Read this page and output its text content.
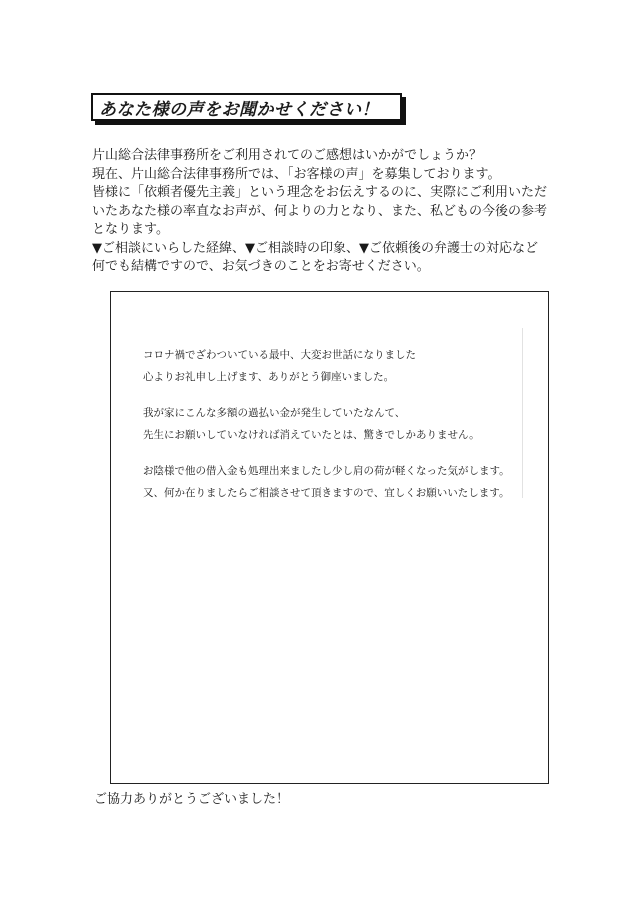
あなた様の声をお聞かせください！

片山総合法律事務所をご利用されてのご感想はいかがでしょうか？

現在、片山総合法律事務所では、「お客様の声」を募集しております。

皆様に「依頼者優先主義」という理念をお伝えするのに、実際にご利用いただ

いたあなた様の率直なお声が、何よりの力となり、また、私どもの今後の参考

となります。

▼ご相談にいらした経緯、▼ご相談時の印象、▼ご依頼後の弁護士の対応など

何でも結構ですので、お気づきのことをお寄せください。

コロナ禍でざわついている最中、大変お世話になりました

心よりお礼申し上げます、ありがとう御座いました。

我が家にこんな多額の過払い金が発生していたなんて、

先生にお願いしていなければ消えていたとは、驚きでしかありません。

お陰様で他の借入金も処理出来ましたし少し肩の荷が軽くなった気がします。

又、何か在りましたらご相談させて頂きますので、宜しくお願いいたします。

ご協力ありがとうございました！
